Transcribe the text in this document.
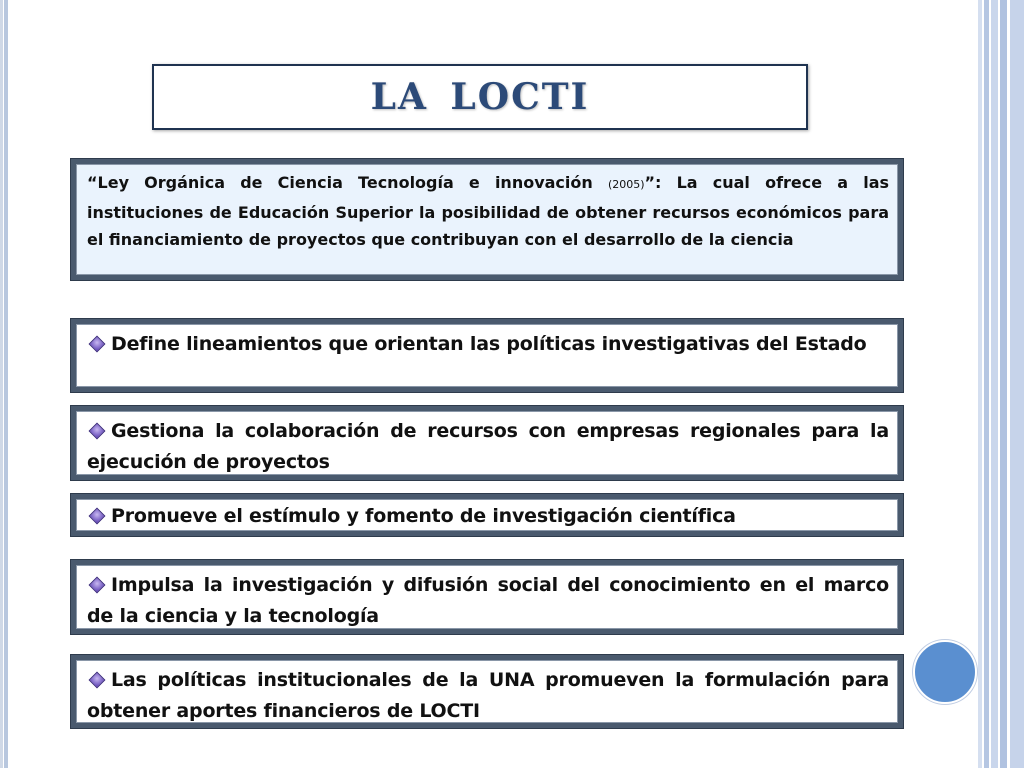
LA LOCTI

“Ley Orgánica de Ciencia Tecnología e innovación (2005)”: La cual ofrece a las instituciones de Educación Superior la posibilidad de obtener recursos económicos para el financiamiento de proyectos que contribuyan con el desarrollo de la ciencia

Define lineamientos que orientan las políticas investigativas del Estado

Gestiona la colaboración de recursos con empresas regionales para la ejecución de proyectos

Promueve el estímulo y fomento de investigación científica

Impulsa la investigación y difusión social del conocimiento en el marco de la ciencia y la tecnología

Las políticas institucionales de la UNA promueven la formulación para obtener aportes financieros de LOCTI
